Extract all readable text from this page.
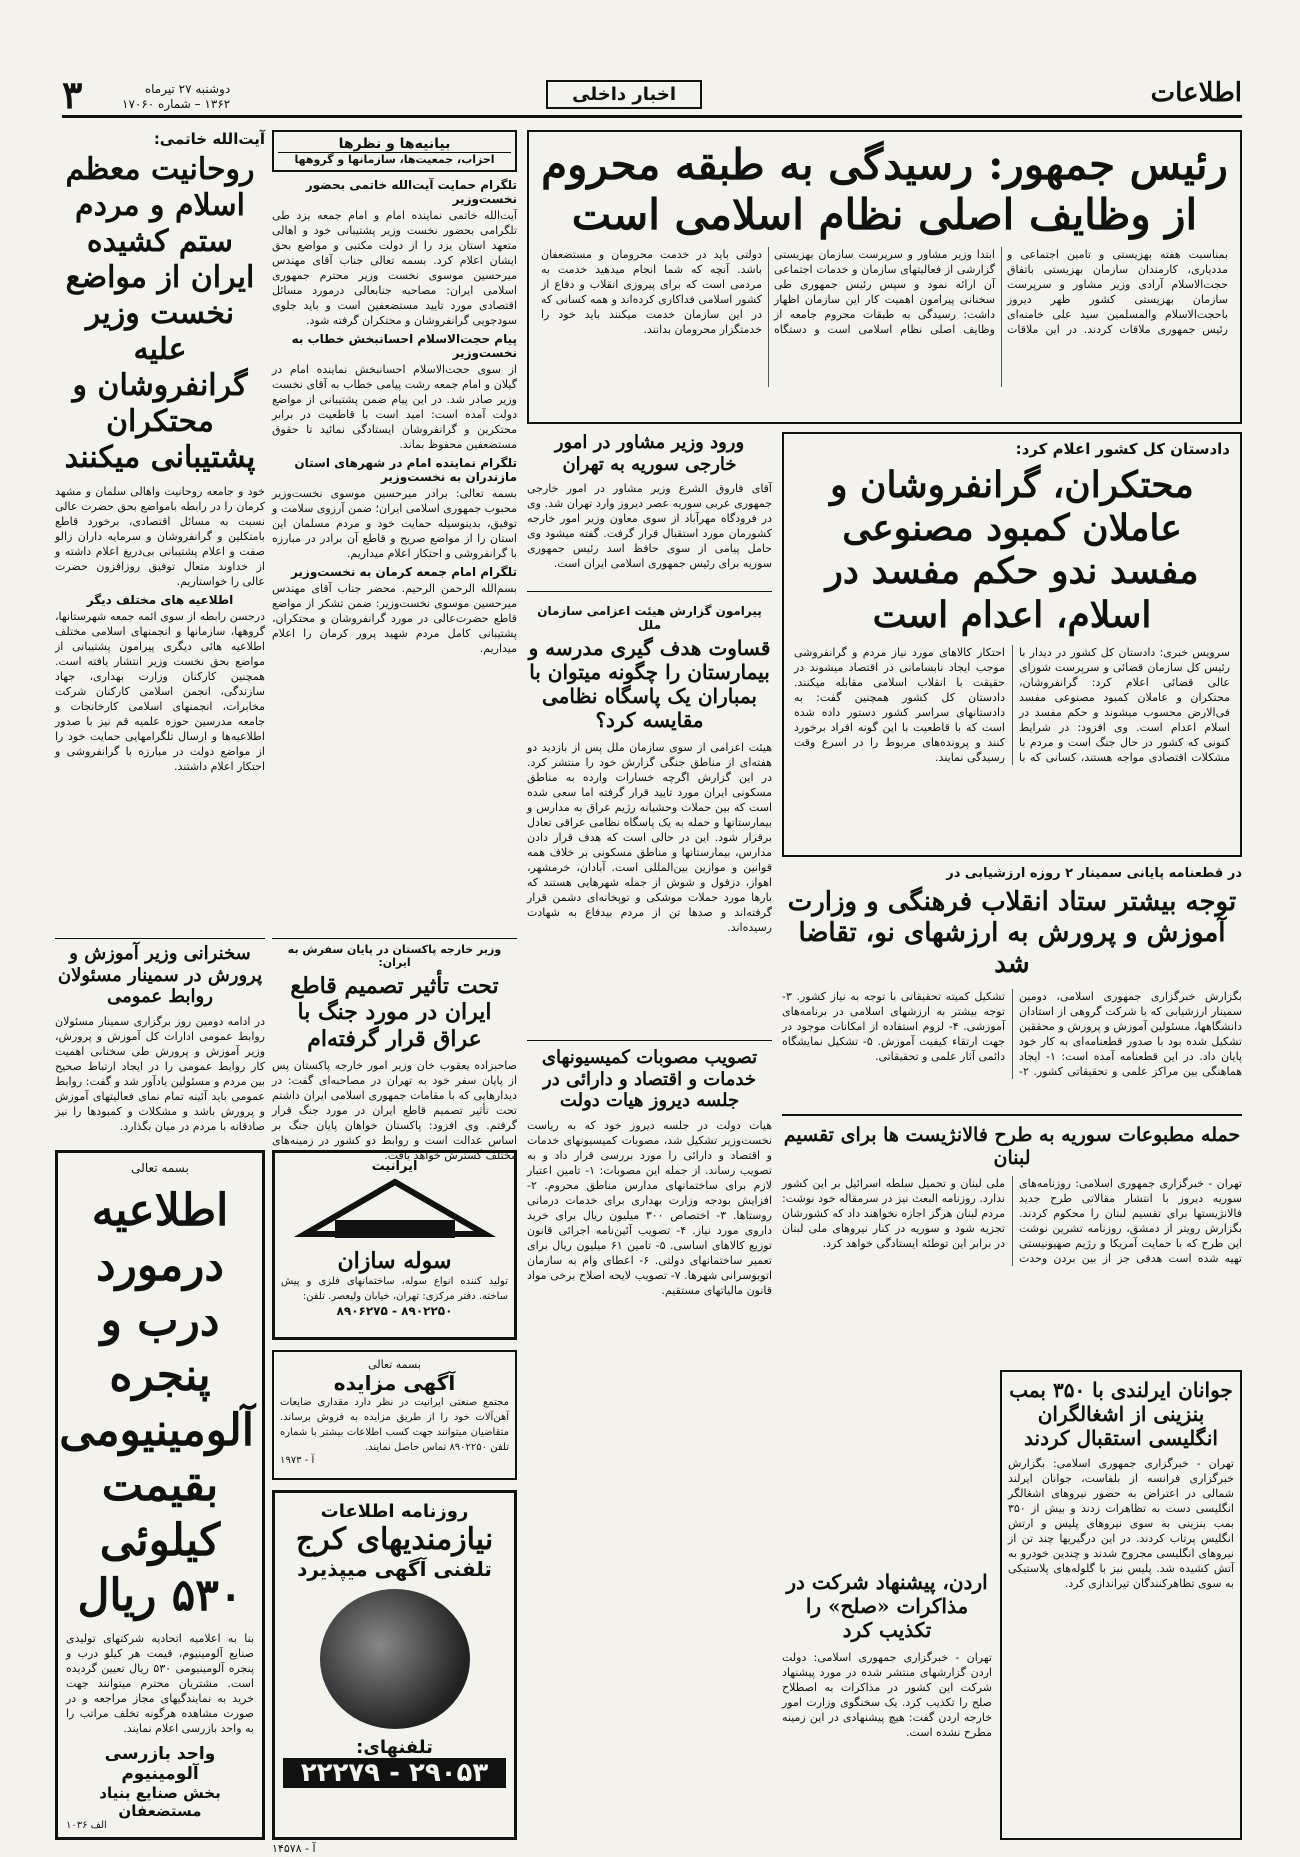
اطلاعات
اخبار داخلی
دوشنبه ۲۷ تیرماه
۱۳۶۲ – شماره ۱۷۰۶۰
۳
رئیس جمهور: رسیدگی به طبقه محروم
از وظایف اصلی نظام اسلامی است

بمناسبت هفته بهزیستی و تامین اجتماعی و مددیاری، کارمندان سازمان بهزیستی باتفاق حجت‌الاسلام آرادی وزیر مشاور و سرپرست سازمان بهزیستی کشور ظهر دیروز باحجت‌الاسلام والمسلمین سید علی خامنه‌ای رئیس جمهوری ملاقات کردند. در این ملاقات ابتدا وزیر مشاور و سرپرست سازمان بهزیستی گزارشی از فعالیتهای سازمان و خدمات اجتماعی آن ارائه نمود و سپس رئیس جمهوری طی سخنانی پیرامون اهمیت کار این سازمان اظهار داشت: رسیدگی به طبقات محروم جامعه از وظایف اصلی نظام اسلامی است و دستگاه دولتی باید در خدمت محرومان و مستضعفان باشد. آنچه که شما انجام میدهید خدمت به مردمی است که برای پیروزی انقلاب و دفاع از کشور اسلامی فداکاری کرده‌اند و همه کسانی که در این سازمان خدمت میکنند باید خود را خدمتگزار محرومان بدانند.

بیانیه‌ها و نظرها
احزاب، جمعیت‌ها، سازمانها و گروهها
تلگرام حمایت آیت‌الله خاتمی بحضور نخست‌وزیر

آیت‌الله خاتمی نماینده امام و امام جمعه یزد طی تلگرامی بحضور نخست وزیر پشتیبانی خود و اهالی متعهد استان یزد را از دولت مکتبی و مواضع بحق ایشان اعلام کرد. بسمه تعالی جناب آقای مهندس میرحسین موسوی نخست وزیر محترم جمهوری اسلامی ایران: مصاحبه جنابعالی درمورد مسائل اقتصادی مورد تایید مستضعفین است و باید جلوی سودجویی گرانفروشان و محتکران گرفته شود.

پیام حجت‌الاسلام احسانبخش خطاب به نخست‌وزیر

از سوی حجت‌الاسلام احسانبخش نماینده امام در گیلان و امام جمعه رشت پیامی خطاب به آقای نخست وزیر صادر شد. در این پیام ضمن پشتیبانی از مواضع دولت آمده است: امید است با قاطعیت در برابر محتکرین و گرانفروشان ایستادگی نمائید تا حقوق مستضعفین محفوظ بماند.

تلگرام نماینده امام در شهرهای استان مازندران به نخست‌وزیر

بسمه تعالی: برادر میرحسین موسوی نخست‌وزیر محبوب جمهوری اسلامی ایران؛ ضمن آرزوی سلامت و توفیق، بدینوسیله حمایت خود و مردم مسلمان این استان را از مواضع صریح و قاطع آن برادر در مبارزه با گرانفروشی و احتکار اعلام میداریم.

تلگرام امام جمعه کرمان به نخست‌وزیر

بسم‌الله الرحمن الرحیم. محضر جناب آقای مهندس میرحسین موسوی نخست‌وزیر: ضمن تشکر از مواضع قاطع حضرت‌عالی در مورد گرانفروشان و محتکران، پشتیبانی کامل مردم شهید پرور کرمان را اعلام میداریم.

آیت‌الله خاتمی:
روحانیت معظم اسلام و مردم ستم کشیده ایران از مواضع نخست وزیر علیه گرانفروشان و محتکران پشتیبانی میکنند

خود و جامعه روحانیت واهالی سلمان و مشهد کرمان را در رابطه بامواضع بحق حضرت عالی نسبت به مسائل اقتصادی، برخورد قاطع بامتکلین و گرانفروشان و سرمایه داران زالو صفت و اعلام پشتیبانی بی‌دریغ اعلام داشته و از خداوند متعال توفیق روزافزون حضرت عالی را خواستاریم.

اطلاعیه های مختلف دیگر

درحسن رابطه از سوی ائمه جمعه شهرستانها، گروهها، سازمانها و انجمنهای اسلامی مختلف اطلاعیه هائی دیگری پیرامون پشتیبانی از مواضع بحق نخست وزیر انتشار یافته است. همچنین کارکنان وزارت بهداری، جهاد سازندگی، انجمن اسلامی کارکنان شرکت مخابرات، انجمنهای اسلامی کارخانجات و جامعه مدرسین حوزه علمیه قم نیز با صدور اطلاعیه‌ها و ارسال تلگرامهایی حمایت خود را از مواضع دولت در مبارزه با گرانفروشی و احتکار اعلام داشتند.

ورود وزیر مشاور در امور خارجی سوریه به تهران

آقای فاروق الشرع وزیر مشاور در امور خارجی جمهوری عربی سوریه عصر دیروز وارد تهران شد. وی در فرودگاه مهرآباد از سوی معاون وزیر امور خارجه کشورمان مورد استقبال قرار گرفت. گفته میشود وی حامل پیامی از سوی حافظ اسد رئیس جمهوری سوریه برای رئیس جمهوری اسلامی ایران است.

دادستان کل کشور اعلام کرد:
محتکران، گرانفروشان و عاملان کمبود مصنوعی مفسد ندو حکم مفسد در اسلام، اعدام است

سرویس خبری: دادستان کل کشور در دیدار با رئیس کل سازمان قضائی و سرپرست شورای عالی قضائی اعلام کرد: گرانفروشان، محتکران و عاملان کمبود مصنوعی مفسد فی‌الارض محسوب میشوند و حکم مفسد در اسلام اعدام است. وی افزود: در شرایط کنونی که کشور در حال جنگ است و مردم با مشکلات اقتصادی مواجه هستند، کسانی که با احتکار کالاهای مورد نیاز مردم و گرانفروشی موجب ایجاد نابسامانی در اقتصاد میشوند در حقیقت با انقلاب اسلامی مقابله میکنند. دادستان کل کشور همچنین گفت: به دادستانهای سراسر کشور دستور داده شده است که با قاطعیت با این گونه افراد برخورد کنند و پرونده‌های مربوط را در اسرع وقت رسیدگی نمایند.

پیرامون گزارش هیئت اعزامی سازمان ملل
قساوت هدف گیری مدرسه و بیمارستان را چگونه میتوان با بمباران یک پاسگاه نظامی مقایسه کرد؟

هیئت اعزامی از سوی سازمان ملل پس از بازدید دو هفته‌ای از مناطق جنگی گزارش خود را منتشر کرد. در این گزارش اگرچه خسارات وارده به مناطق مسکونی ایران مورد تایید قرار گرفته اما سعی شده است که بین حملات وحشیانه رژیم عراق به مدارس و بیمارستانها و حمله به یک پاسگاه نظامی عراقی تعادل برقرار شود. این در حالی است که هدف قرار دادن مدارس، بیمارستانها و مناطق مسکونی بر خلاف همه قوانین و موازین بین‌المللی است. آبادان، خرمشهر، اهواز، دزفول و شوش از جمله شهرهایی هستند که بارها مورد حملات موشکی و توپخانه‌ای دشمن قرار گرفته‌اند و صدها تن از مردم بیدفاع به شهادت رسیده‌اند.

در قطعنامه پایانی سمینار ۲ روزه ارزشیابی در
توجه بیشتر ستاد انقلاب فرهنگی و وزارت آموزش و پرورش به ارزشهای نو، تقاضا شد

بگزارش خبرگزاری جمهوری اسلامی، دومین سمینار ارزشیابی که با شرکت گروهی از استادان دانشگاهها، مسئولین آموزش و پرورش و محققین تشکیل شده بود با صدور قطعنامه‌ای به کار خود پایان داد. در این قطعنامه آمده است: ۱- ایجاد هماهنگی بین مراکز علمی و تحقیقاتی کشور. ۲- تشکیل کمیته تحقیقاتی با توجه به نیاز کشور. ۳- توجه بیشتر به ارزشهای اسلامی در برنامه‌های آموزشی. ۴- لزوم استفاده از امکانات موجود در جهت ارتقاء کیفیت آموزش. ۵- تشکیل نمایشگاه دائمی آثار علمی و تحقیقاتی.

وزیر خارجه پاکستان در پایان سفرش به ایران:
تحت تأثیر تصمیم قاطع ایران در مورد جنگ با عراق قرار گرفته‌ام

صاحبزاده یعقوب خان وزیر امور خارجه پاکستان پس از پایان سفر خود به تهران در مصاحبه‌ای گفت: در دیدارهایی که با مقامات جمهوری اسلامی ایران داشتم تحت تأثیر تصمیم قاطع ایران در مورد جنگ قرار گرفتم. وی افزود: پاکستان خواهان پایان جنگ بر اساس عدالت است و روابط دو کشور در زمینه‌های مختلف گسترش خواهد یافت.

سخنرانی وزیر آموزش و پرورش در سمینار مسئولان روابط عمومی

در ادامه دومین روز برگزاری سمینار مسئولان روابط عمومی ادارات کل آموزش و پرورش، وزیر آموزش و پرورش طی سخنانی اهمیت کار روابط عمومی را در ایجاد ارتباط صحیح بین مردم و مسئولین یادآور شد و گفت: روابط عمومی باید آئینه تمام نمای فعالیتهای آموزش و پرورش باشد و مشکلات و کمبودها را نیز صادقانه با مردم در میان بگذارد.

تصویب مصوبات کمیسیونهای خدمات و اقتصاد و دارائی در جلسه دیروز هیات دولت

هیات دولت در جلسه دیروز خود که به ریاست نخست‌وزیر تشکیل شد، مصوبات کمیسیونهای خدمات و اقتصاد و دارائی را مورد بررسی قرار داد و به تصویب رساند. از جمله این مصوبات: ۱- تامین اعتبار لازم برای ساختمانهای مدارس مناطق محروم. ۲- افزایش بودجه وزارت بهداری برای خدمات درمانی روستاها. ۳- اختصاص ۳۰۰ میلیون ریال برای خرید داروی مورد نیاز. ۴- تصویب آئین‌نامه اجرائی قانون توزیع کالاهای اساسی. ۵- تامین ۶۱ میلیون ریال برای تعمیر ساختمانهای دولتی. ۶- اعطای وام به سازمان اتوبوسرانی شهرها. ۷- تصویب لایحه اصلاح برخی مواد قانون مالیاتهای مستقیم.

حمله مطبوعات سوریه به طرح فالانژیست ها برای تقسیم لبنان

تهران - خبرگزاری جمهوری اسلامی: روزنامه‌های سوریه دیروز با انتشار مقالاتی طرح جدید فالانژیستها برای تقسیم لبنان را محکوم کردند. بگزارش رویتر از دمشق، روزنامه تشرین نوشت این طرح که با حمایت آمریکا و رژیم صهیونیستی تهیه شده است هدفی جز از بین بردن وحدت ملی لبنان و تحمیل سلطه اسرائیل بر این کشور ندارد. روزنامه البعث نیز در سرمقاله خود نوشت: مردم لبنان هرگز اجازه نخواهند داد که کشورشان تجزیه شود و سوریه در کنار نیروهای ملی لبنان در برابر این توطئه ایستادگی خواهد کرد.

جوانان ایرلندی با ۳۵۰ بمب بنزینی از اشغالگران انگلیسی استقبال کردند

تهران - خبرگزاری جمهوری اسلامی: بگزارش خبرگزاری فرانسه از بلفاست، جوانان ایرلند شمالی در اعتراض به حضور نیروهای اشغالگر انگلیسی دست به تظاهرات زدند و بیش از ۳۵۰ بمب بنزینی به سوی نیروهای پلیس و ارتش انگلیس پرتاب کردند. در این درگیریها چند تن از نیروهای انگلیسی مجروح شدند و چندین خودرو به آتش کشیده شد. پلیس نیز با گلوله‌های پلاستیکی به سوی تظاهرکنندگان تیراندازی کرد.

اردن، پیشنهاد شرکت در مذاکرات «صلح» را تکذیب کرد

تهران - خبرگزاری جمهوری اسلامی: دولت اردن گزارشهای منتشر شده در مورد پیشنهاد شرکت این کشور در مذاکرات به اصطلاح صلح را تکذیب کرد. یک سخنگوی وزارت امور خارجه اردن گفت: هیچ پیشنهادی در این زمینه مطرح نشده است.

ایرانیت
سوله سازان

تولید کننده انواع سوله، ساختمانهای فلزی و پیش ساخته. دفتر مرکزی: تهران، خیابان ولیعصر. تلفن:

۸۹۰۲۲۵۰ - ۸۹۰۶۲۷۵
بسمه تعالی
آگهی مزایده

مجتمع صنعتی ایرانیت در نظر دارد مقداری ضایعات آهن‌آلات خود را از طریق مزایده به فروش برساند. متقاضیان میتوانند جهت کسب اطلاعات بیشتر با شماره تلفن ۸۹۰۲۲۵۰ تماس حاصل نمایند.

آ - ۱۹۷۳
روزنامه اطلاعات
نیازمندیهای کرج
تلفنی آگهی میپذیرد
تلفنهای:
۲۲۲۷۹ - ۲۹۰۵۳
بسمه تعالی
اطلاعیه درمورد درب و پنجره آلومینیومی بقیمت کیلوئی ۵۳۰ ریال

بنا به اعلامیه اتحادیه شرکتهای تولیدی صنایع آلومینیوم، قیمت هر کیلو درب و پنجره آلومینیومی ۵۳۰ ریال تعیین گردیده است. مشتریان محترم میتوانند جهت خرید به نمایندگیهای مجاز مراجعه و در صورت مشاهده هرگونه تخلف مراتب را به واحد بازرسی اعلام نمایند.

واحد بازرسی آلومینیوم
بخش صنایع بنیاد مستضعفان
الف ۱۰۳۶
آ - ۱۴۵۷۸
